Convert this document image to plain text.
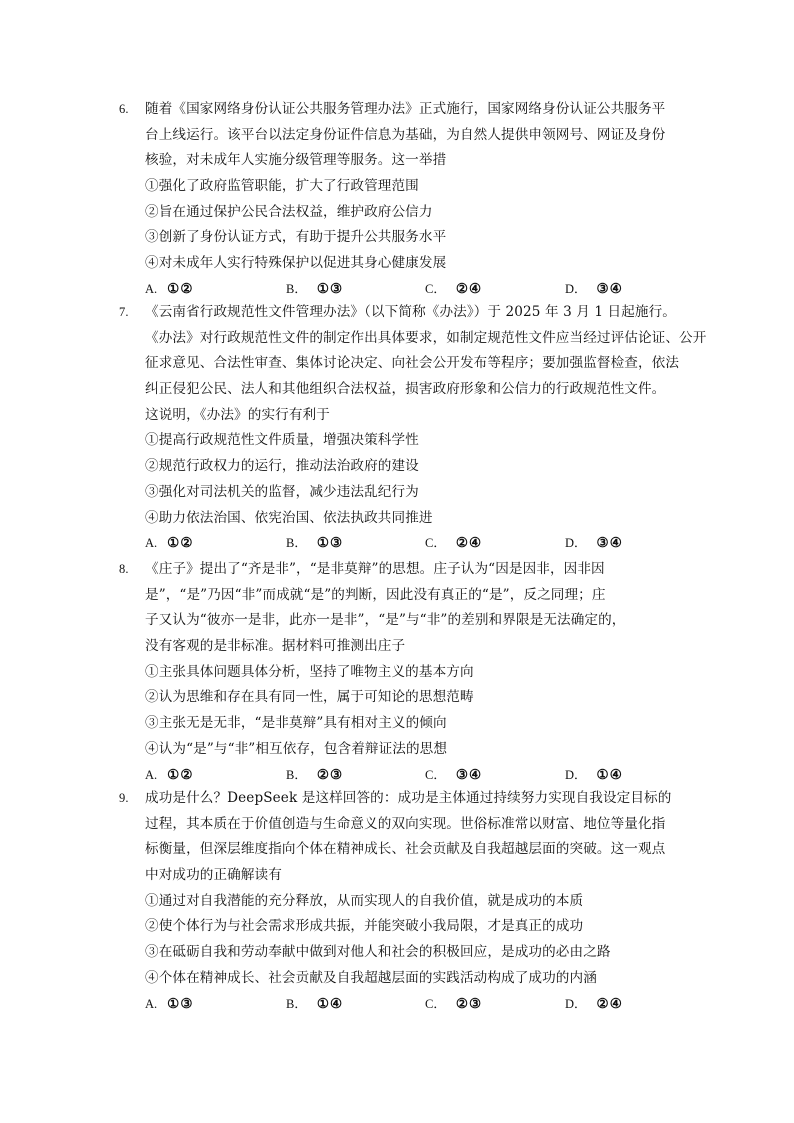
6. 随着《国家网络身份认证公共服务管理办法》正式施行，国家网络身份认证公共服务平
台上线运行。该平台以法定身份证件信息为基础，为自然人提供申领网号、网证及身份
核验，对未成年人实施分级管理等服务。这一举措
①强化了政府监管职能，扩大了行政管理范围
②旨在通过保护公民合法权益，维护政府公信力
③创新了身份认证方式，有助于提升公共服务水平
④对未成年人实行特殊保护以促进其身心健康发展
A. ①②	B． ①③	C． ②④	D． ③④
7. 《云南省行政规范性文件管理办法》（以下简称《办法》）于 2025 年 3 月 1 日起施行。
《办法》对行政规范性文件的制定作出具体要求，如制定规范性文件应当经过评估论证、公开
征求意见、合法性审查、集体讨论决定、向社会公开发布等程序；要加强监督检查，依法
纠正侵犯公民、法人和其他组织合法权益，损害政府形象和公信力的行政规范性文件。
这说明，《办法》的实行有利于
①提高行政规范性文件质量，增强决策科学性
②规范行政权力的运行，推动法治政府的建设
③强化对司法机关的监督，减少违法乱纪行为
④助力依法治国、依宪治国、依法执政共同推进
A. ①②	B． ①③	C． ②④	D． ③④
8. 《庄子》提出了“齐是非”，“是非莫辩”的思想。庄子认为“因是因非，因非因
是”，“是”乃因“非”而成就“是”的判断，因此没有真正的“是”，反之同理；庄
子又认为“彼亦一是非，此亦一是非”，“是”与“非”的差别和界限是无法确定的，
没有客观的是非标准。据材料可推测出庄子
①主张具体问题具体分析，坚持了唯物主义的基本方向
②认为思维和存在具有同一性，属于可知论的思想范畴
③主张无是无非，“是非莫辩”具有相对主义的倾向
④认为“是”与“非”相互依存，包含着辩证法的思想
A. ①②	B． ②③	C． ③④	D． ①④
9. 成功是什么？DeepSeek 是这样回答的：成功是主体通过持续努力实现自我设定目标的
过程，其本质在于价值创造与生命意义的双向实现。世俗标准常以财富、地位等量化指
标衡量，但深层维度指向个体在精神成长、社会贡献及自我超越层面的突破。这一观点
中对成功的正确解读有
①通过对自我潜能的充分释放，从而实现人的自我价值，就是成功的本质
②使个体行为与社会需求形成共振，并能突破小我局限，才是真正的成功
③在砥砺自我和劳动奉献中做到对他人和社会的积极回应，是成功的必由之路
④个体在精神成长、社会贡献及自我超越层面的实践活动构成了成功的内涵
A. ①③	B． ①④	C． ②③	D． ②④
